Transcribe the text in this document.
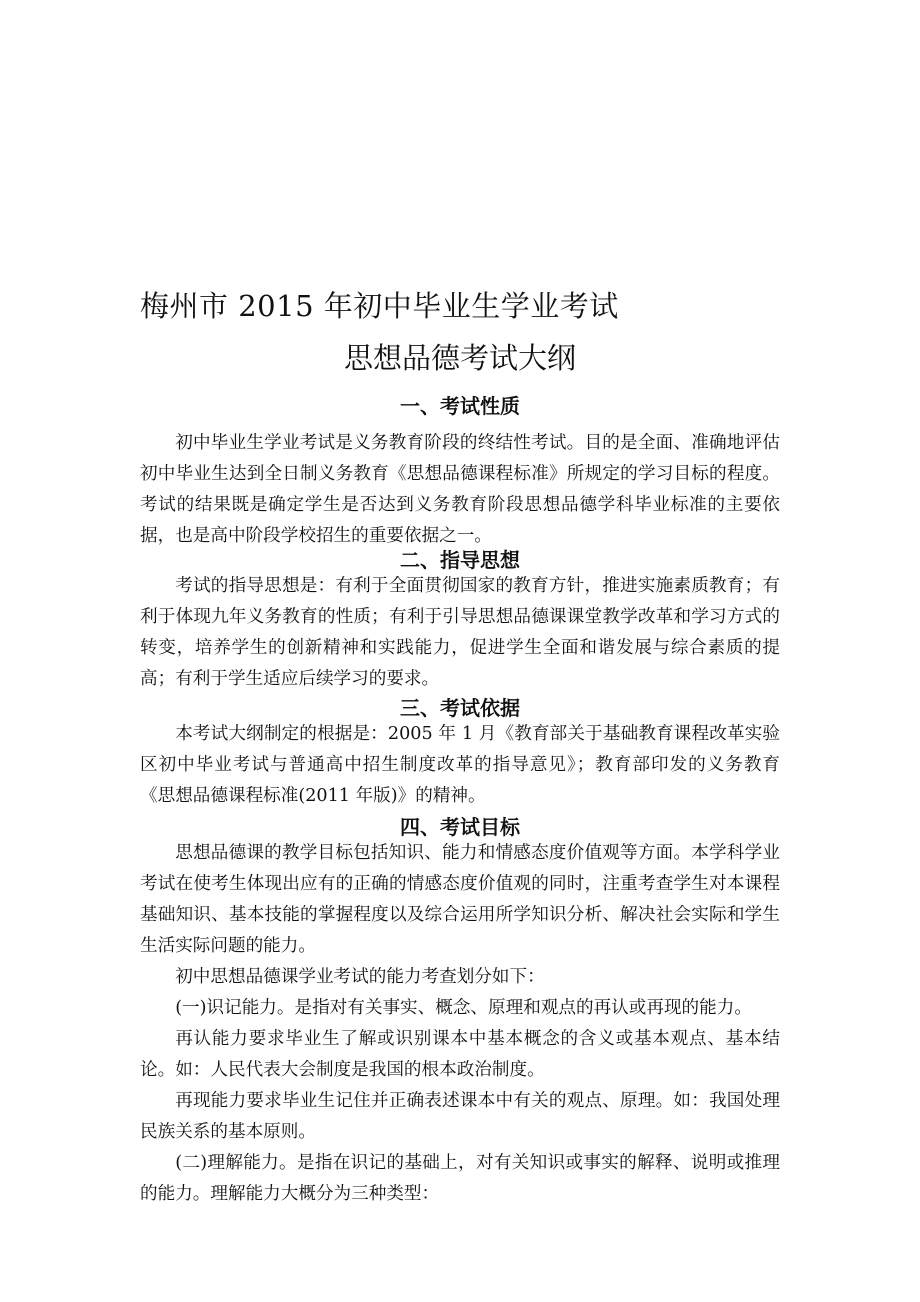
梅州市 2015 年初中毕业生学业考试
思想品德考试大纲
一、考试性质

初中毕业生学业考试是义务教育阶段的终结性考试。目的是全面、准确地评估初中毕业生达到全日制义务教育《思想品德课程标准》所规定的学习目标的程度。考试的结果既是确定学生是否达到义务教育阶段思想品德学科毕业标准的主要依据，也是高中阶段学校招生的重要依据之一。

二、指导思想

考试的指导思想是：有利于全面贯彻国家的教育方针，推进实施素质教育；有利于体现九年义务教育的性质；有利于引导思想品德课课堂教学改革和学习方式的转变，培养学生的创新精神和实践能力，促进学生全面和谐发展与综合素质的提高；有利于学生适应后续学习的要求。

三、考试依据

本考试大纲制定的根据是：2005 年 1 月《教育部关于基础教育课程改革实验区初中毕业考试与普通高中招生制度改革的指导意见》；教育部印发的义务教育《思想品德课程标准(2011 年版)》的精神。

四、考试目标

思想品德课的教学目标包括知识、能力和情感态度价值观等方面。本学科学业考试在使考生体现出应有的正确的情感态度价值观的同时，注重考查学生对本课程基础知识、基本技能的掌握程度以及综合运用所学知识分析、解决社会实际和学生生活实际问题的能力。

初中思想品德课学业考试的能力考查划分如下：

(一)识记能力。是指对有关事实、概念、原理和观点的再认或再现的能力。

再认能力要求毕业生了解或识别课本中基本概念的含义或基本观点、基本结论。如：人民代表大会制度是我国的根本政治制度。

再现能力要求毕业生记住并正确表述课本中有关的观点、原理。如：我国处理民族关系的基本原则。

(二)理解能力。是指在识记的基础上，对有关知识或事实的解释、说明或推理的能力。理解能力大概分为三种类型：
